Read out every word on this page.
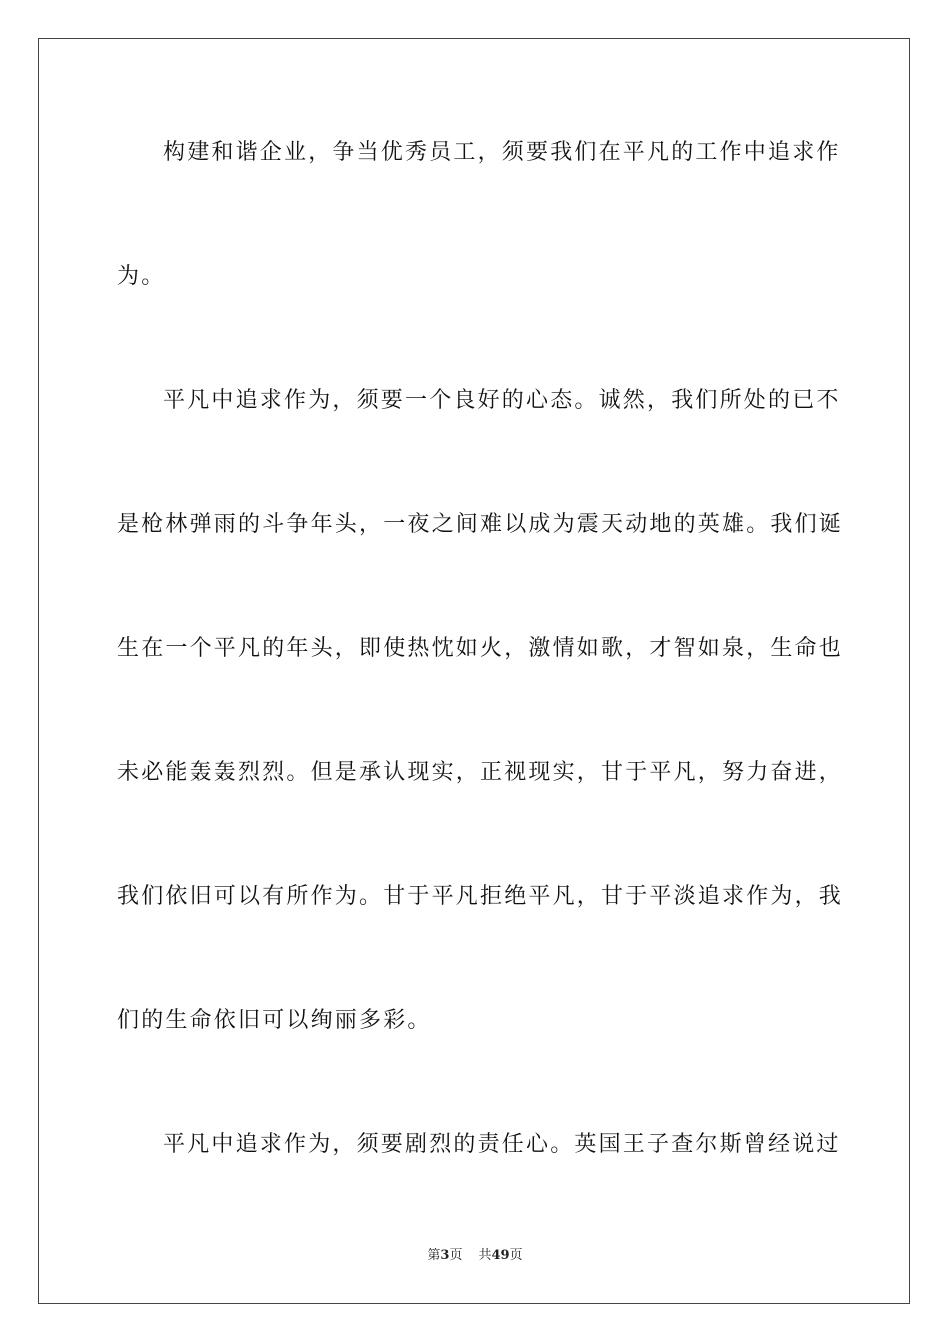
构建和谐企业，争当优秀员工，须要我们在平凡的工作中追求作
为。
平凡中追求作为，须要一个良好的心态。诚然，我们所处的已不
是枪林弹雨的斗争年头，一夜之间难以成为震天动地的英雄。我们诞
生在一个平凡的年头，即使热忱如火，激情如歌，才智如泉，生命也
未必能轰轰烈烈。但是承认现实，正视现实，甘于平凡，努力奋进，
我们依旧可以有所作为。甘于平凡拒绝平凡，甘于平淡追求作为，我
们的生命依旧可以绚丽多彩。
平凡中追求作为，须要剧烈的责任心。英国王子查尔斯曾经说过
第3页 共49页
